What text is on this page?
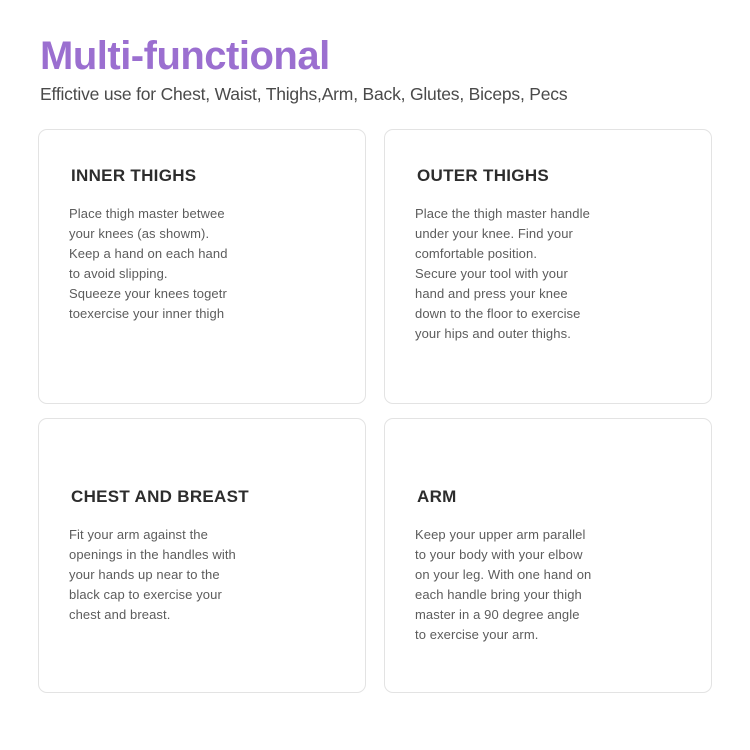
Multi-functional

Effictive use for Chest, Waist, Thighs,Arm, Back, Glutes, Biceps, Pecs

INNER THIGHS
Place thigh master betwee
your knees (as showm).
Keep a hand on each hand
to avoid slipping.
Squeeze your knees togetr
toexercise your inner thigh
OUTER THIGHS
Place the thigh master handle
under your knee. Find your
comfortable position.
Secure your tool with your
hand and press your knee
down to the floor to exercise
your hips and outer thighs.
CHEST AND BREAST
Fit your arm against the
openings in the handles with
your hands up near to the
black cap to exercise your
chest and breast.
ARM
Keep your upper arm parallel
to your body with your elbow
on your leg. With one hand on
each handle bring your thigh
master in a 90 degree angle
to exercise your arm.
